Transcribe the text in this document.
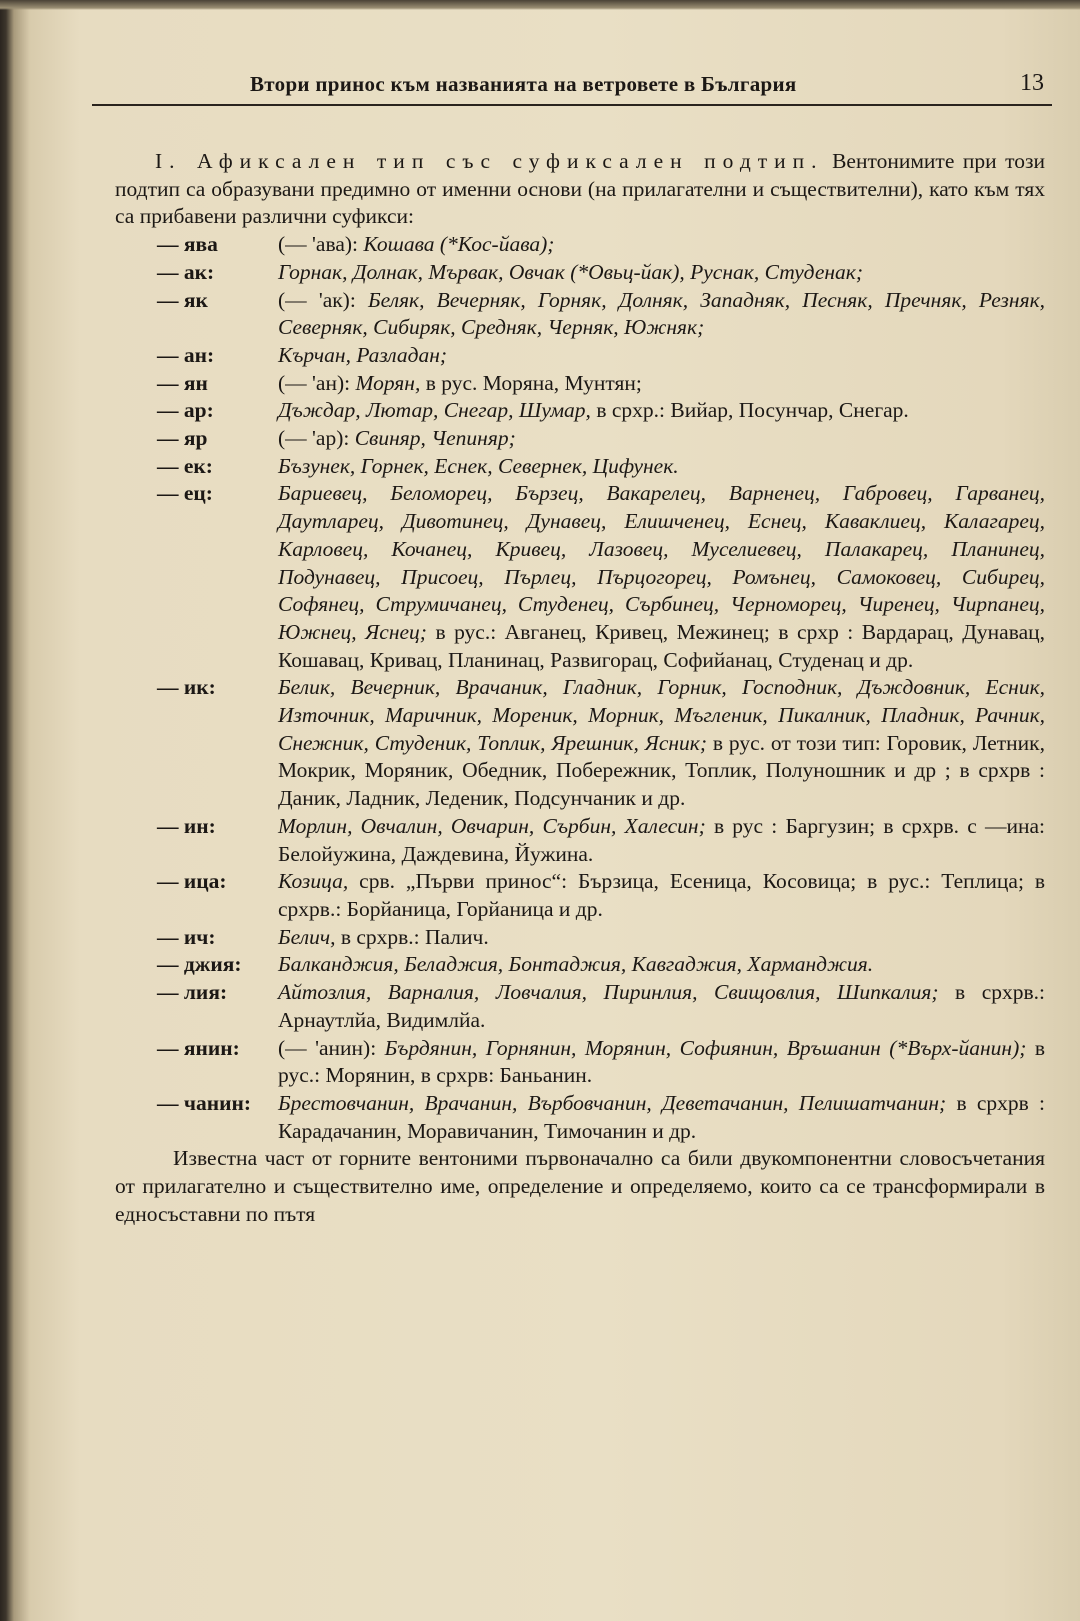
Втори принос към названията на ветровете в България	13

I. Афиксален тип със суфиксален подтип. Вентонимите при този подтип са образувани предимно от именни основи (на прилагателни и съществителни), като към тях са прибавени различни суфикси:

— ява	(— 'ава): Кошава (*Кос-йава);
— ак:	Горнак, Долнак, Мървак, Овчак (*Овьц-йак), Руснак, Студенак;
— як	(— 'ак): Беляк, Вечерняк, Горняк, Долняк, Западняк, Песняк, Пречняк, Резняк, Северняк, Сибиряк, Средняк, Черняк, Южняк;
— ан:	Кърчан, Разладан;
— ян	(— 'ан): Морян, в рус. Моряна, Мунтян;
— ар:	Дъждар, Лютар, Снегар, Шумар, в срхр.: Вийар, Посунчар, Снегар.
— яр	(— 'ар): Свиняр, Чепиняр;
— ек:	Бъзунек, Горнек, Еснек, Севернек, Цифунек.
— ец:	Бариевец, Беломорец, Бързец, Вакарелец, Варненец, Габровец, Гарванец, Даутларец, Дивотинец, Дунавец, Елишченец, Еснец, Каваклиец, Калагарец, Карловец, Кочанец, Кривец, Лазовец, Муселиевец, Палакарец, Планинец, Подунавец, Присоец, Пърлец, Пърцогорец, Ромънец, Самоковец, Сибирец, Софянец, Струмичанец, Студенец, Сърбинец, Черноморец, Чиренец, Чирпанец, Южнец, Яснец; в рус.: Авганец, Кривец, Межинец; в срхр : Вардарац, Дунавац, Кошавац, Кривац, Планинац, Развигорац, Софийанац, Студенац и др.
— ик:	Белик, Вечерник, Врачаник, Гладник, Горник, Господник, Дъждовник, Есник, Източник, Маричник, Мореник, Морник, Мъгленик, Пикалник, Пладник, Рачник, Снежник, Студеник, Топлик, Ярешник, Ясник; в рус. от този тип: Горовик, Летник, Мокрик, Моряник, Обедник, Побережник, Топлик, Полуношник и др ; в срхрв : Даник, Ладник, Леденик, Подсунчаник и др.
— ин:	Морлин, Овчалин, Овчарин, Сърбин, Халесин; в рус : Баргузин; в срхрв. с —ина: Белойужина, Даждевина, Йужина.
— ица: Козица, срв. „Първи принос“: Бързица, Есеница, Косовица; в рус.: Теплица; в срхрв.: Борйаница, Горйаница и др.
— ич:	Белич, в срхрв.: Палич.
— джия: Балканджия, Беладжия, Бонтаджия, Кавгаджия, Харманджия.
— лия: Айтозлия, Варналия, Ловчалия, Пиринлия, Свищовлия, Шипкалия; в срхрв.: Арнаутлйа, Видимлйа.
— янин: (— 'анин): Бърдянин, Горнянин, Морянин, Софиянин, Връшанин (*Върх-йанин); в рус.: Морянин, в срхрв: Баньанин.
— чанин: Брестовчанин, Врачанин, Върбовчанин, Деветачанин, Пелишатчанин; в срхрв : Карадачанин, Моравичанин, Тимочанин и др.

Известна част от горните вентоними първоначално са били двукомпонентни словосъчетания от прилагателно и съществително име, определение и определяемо, които са се трансформирали в едносъставни по пътя
